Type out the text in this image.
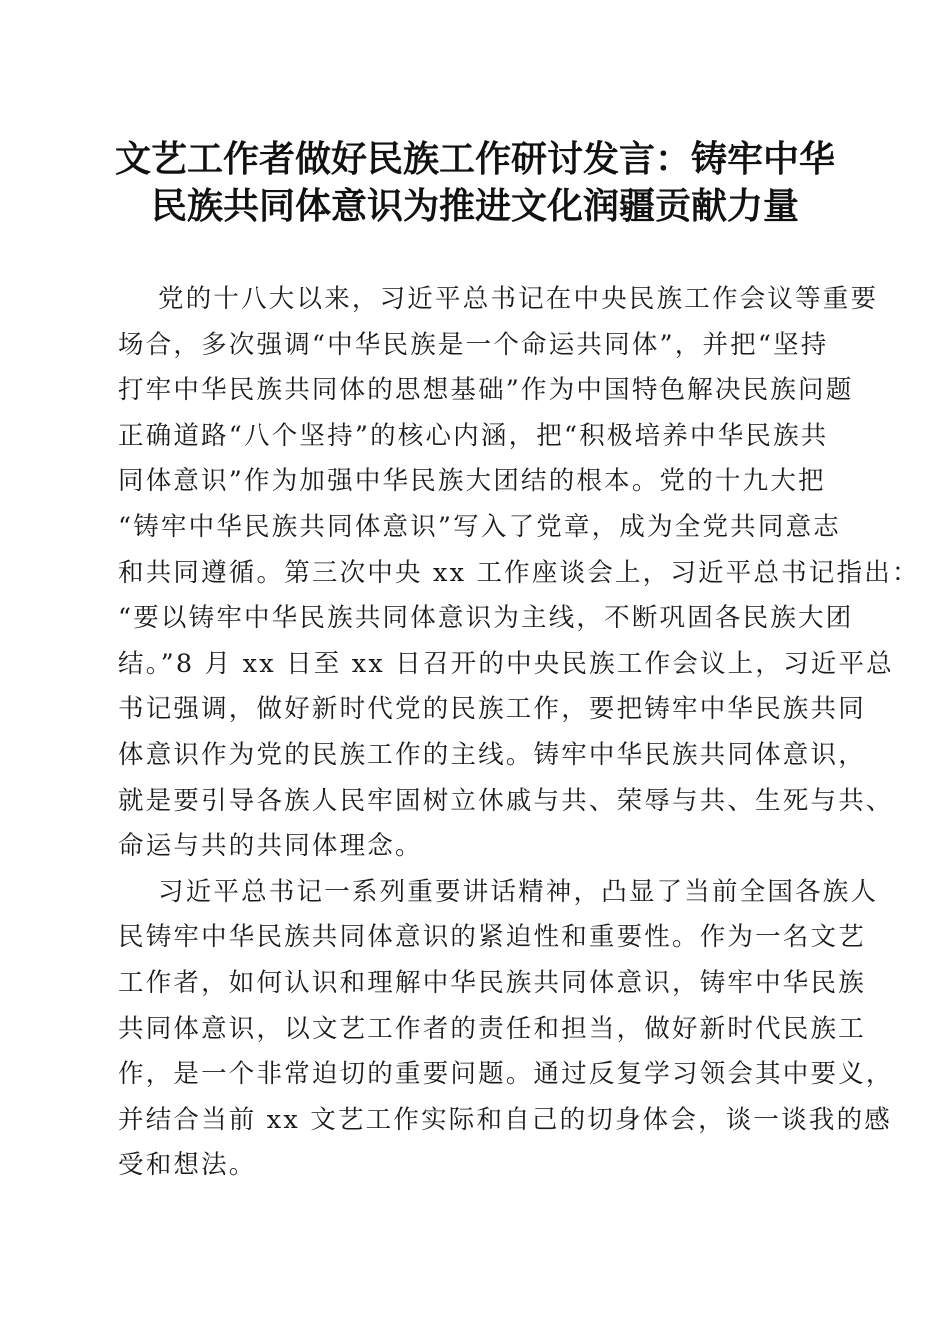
文艺工作者做好民族工作研讨发言：铸牢中华
民族共同体意识为推进文化润疆贡献力量
党的十八大以来，习近平总书记在中央民族工作会议等重要
场合，多次强调“中华民族是一个命运共同体”，并把“坚持
打牢中华民族共同体的思想基础”作为中国特色解决民族问题
正确道路“八个坚持”的核心内涵，把“积极培养中华民族共
同体意识”作为加强中华民族大团结的根本。党的十九大把
“铸牢中华民族共同体意识”写入了党章，成为全党共同意志
和共同遵循。第三次中央 xx 工作座谈会上，习近平总书记指出：
“要以铸牢中华民族共同体意识为主线，不断巩固各民族大团
结。”8 月 xx 日至 xx 日召开的中央民族工作会议上，习近平总
书记强调，做好新时代党的民族工作，要把铸牢中华民族共同
体意识作为党的民族工作的主线。铸牢中华民族共同体意识，
就是要引导各族人民牢固树立休戚与共、荣辱与共、生死与共、
命运与共的共同体理念。
习近平总书记一系列重要讲话精神，凸显了当前全国各族人
民铸牢中华民族共同体意识的紧迫性和重要性。作为一名文艺
工作者，如何认识和理解中华民族共同体意识，铸牢中华民族
共同体意识，以文艺工作者的责任和担当，做好新时代民族工
作，是一个非常迫切的重要问题。通过反复学习领会其中要义，
并结合当前 xx 文艺工作实际和自己的切身体会，谈一谈我的感
受和想法。
